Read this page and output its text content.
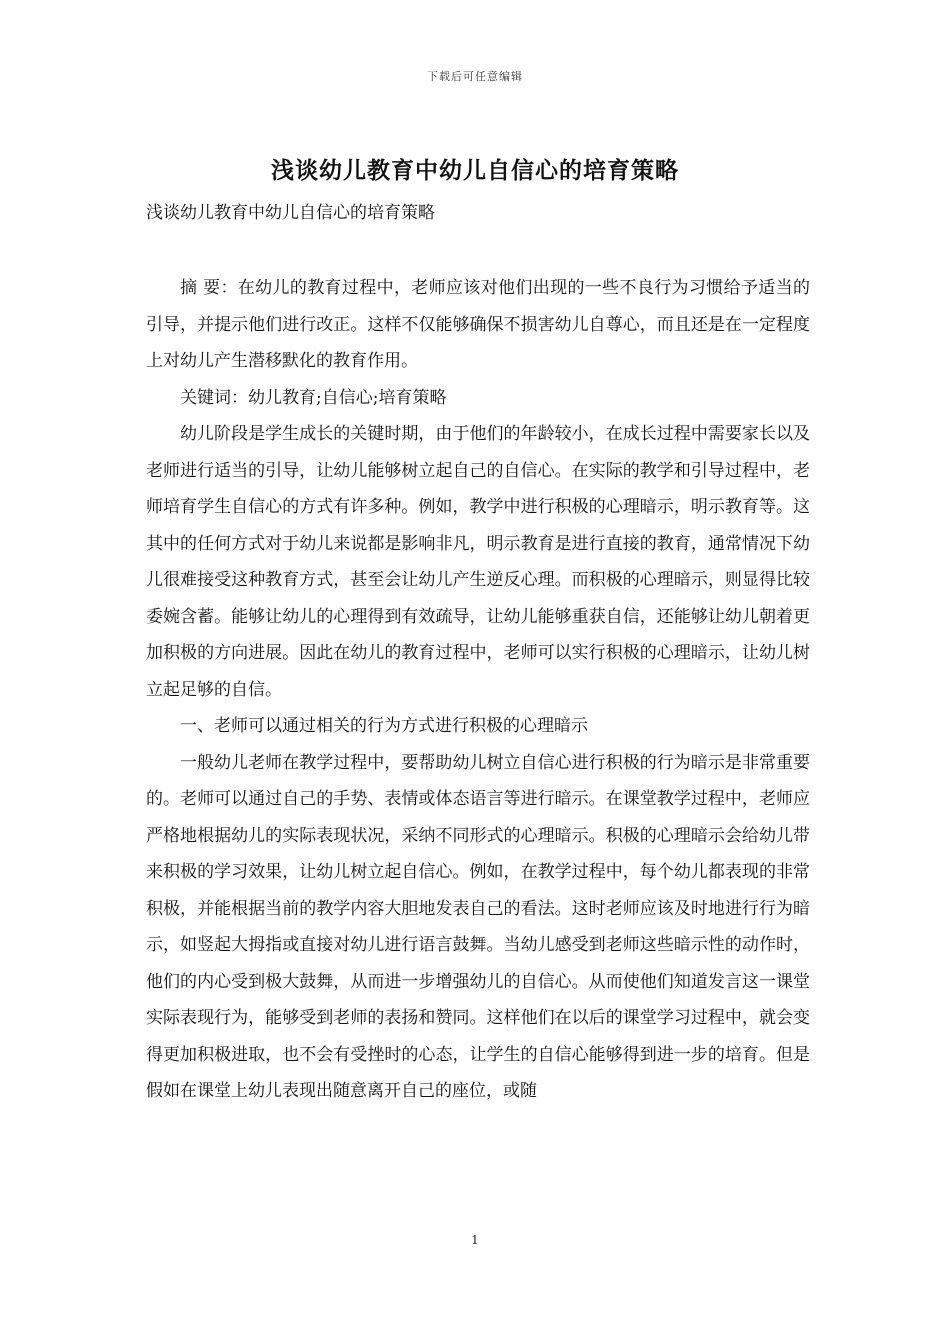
下载后可任意编辑
浅谈幼儿教育中幼儿自信心的培育策略
浅谈幼儿教育中幼儿自信心的培育策略

摘 要：在幼儿的教育过程中，老师应该对他们出现的一些不良行为习惯给予适当的引导，并提示他们进行改正。这样不仅能够确保不损害幼儿自尊心，而且还是在一定程度上对幼儿产生潜移默化的教育作用。

关键词：幼儿教育;自信心;培育策略

幼儿阶段是学生成长的关键时期，由于他们的年龄较小，在成长过程中需要家长以及老师进行适当的引导，让幼儿能够树立起自己的自信心。在实际的教学和引导过程中，老师培育学生自信心的方式有许多种。例如，教学中进行积极的心理暗示，明示教育等。这其中的任何方式对于幼儿来说都是影响非凡，明示教育是进行直接的教育，通常情况下幼儿很难接受这种教育方式，甚至会让幼儿产生逆反心理。而积极的心理暗示，则显得比较委婉含蓄。能够让幼儿的心理得到有效疏导，让幼儿能够重获自信，还能够让幼儿朝着更加积极的方向进展。因此在幼儿的教育过程中，老师可以实行积极的心理暗示，让幼儿树立起足够的自信。

一、老师可以通过相关的行为方式进行积极的心理暗示

一般幼儿老师在教学过程中，要帮助幼儿树立自信心进行积极的行为暗示是非常重要的。老师可以通过自己的手势、表情或体态语言等进行暗示。在课堂教学过程中，老师应严格地根据幼儿的实际表现状况，采纳不同形式的心理暗示。积极的心理暗示会给幼儿带来积极的学习效果，让幼儿树立起自信心。例如，在教学过程中，每个幼儿都表现的非常积极，并能根据当前的教学内容大胆地发表自己的看法。这时老师应该及时地进行行为暗示，如竖起大拇指或直接对幼儿进行语言鼓舞。当幼儿感受到老师这些暗示性的动作时，他们的内心受到极大鼓舞，从而进一步增强幼儿的自信心。从而使他们知道发言这一课堂实际表现行为，能够受到老师的表扬和赞同。这样他们在以后的课堂学习过程中，就会变得更加积极进取，也不会有受挫时的心态，让学生的自信心能够得到进一步的培育。但是假如在课堂上幼儿表现出随意离开自己的座位，或随

1
